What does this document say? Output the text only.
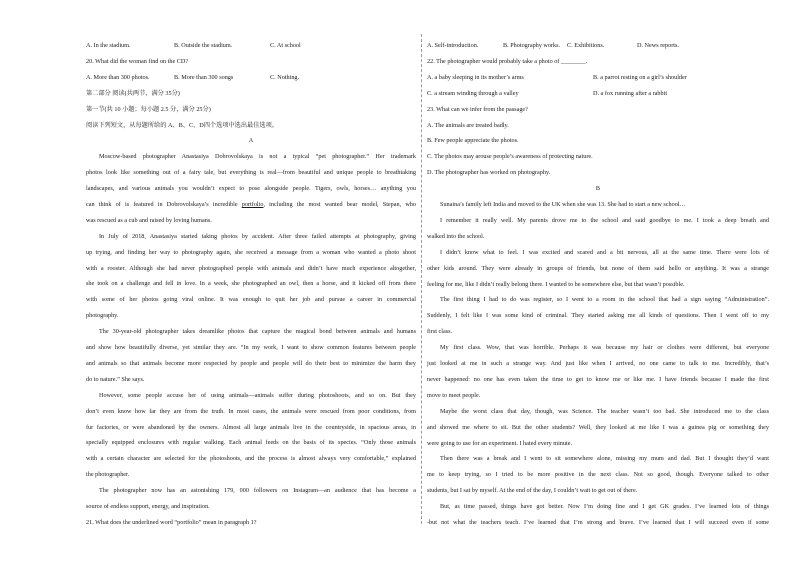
A. In the stadium.	B. Outside the stadium.	C. At school
20. What did the woman find on the CD?
A. More than 300 photos.	B. More than 300 songs	C. Nothing.
第二部分 阅读(共两节，满分 35分)
第一节(共 10 小题；每小题 2.5 分，满分 25分)
阅读下列短文，从每题所给的 A、B、C、D四个选项中选出最佳选项。
A
Moscow-based photographer Anastasiya Dobrovolskaya is not a typical “pet photographer.” Her trademark
photos look like something out of a fairy tale, but everything is real—from beautiful and unique people to breathtaking
landscapes, and various animals you wouldn’t expect to pose alongside people. Tigers, owls, horses… anything you
can think of is featured in Dobrovolskaya’s incredible portfolio, including the most wanted bear model, Stepan, who
was rescued as a cub and raised by loving humans.
In July of 2018, Anastasiya started taking photos by accident. After three failed attempts at photography, giving
up trying, and finding her way to photography again, she received a message from a woman who wanted a photo shoot
with a rooster. Although she had never photographed people with animals and didn’t have much experience altogether,
she took on a challenge and fell in love. In a week, she photographed an owl, then a horse, and it kicked off from there
with some of her photos going viral online. It was enough to quit her job and pursue a career in commercial
photography.
The 30-year-old photographer takes dreamlike photos that capture the magical bond between animals and humans
and show how beautifully diverse, yet similar they are. “In my work, I want to show common features between people
and animals so that animals become more respected by people and people will do their best to minimize the harm they
do to nature.” She says.
However, some people accuse her of using animals—animals suffer during photoshoots, and so on. But they
don’t even know how far they are from the truth. In most cases, the animals were rescued from poor conditions, from
fur factories, or were abandoned by the owners. Almost all large animals live in the countryside, in spacious areas, in
specially equipped enclosures with regular walking. Each animal feeds on the basis of its species. “Only those animals
with a certain character are selected for the photoshoots, and the process is almost always very comfortable,” explained
the photographer.
The photographer now has an astonishing 179, 000 followers on Instagram—an audience that has become a
source of endless support, energy, and inspiration.
21. What does the underlined word “portfolio” mean in paragraph 1?
A. Self-introduction.	B. Photography works.	C. Exhibitions.	D. News reports.
22. The photographer would probably take a photo of ________.
A. a baby sleeping in its mother’s arms	B. a parrot resting on a girl’s shoulder
C. a stream winding through a valley	D. a fox running after a rabbit
23. What can we infer from the passage?
A. The animals are treated badly.
B. Few people appreciate the photos.
C. The photos may arouse people’s awareness of protecting nature.
D. The photographer has worked on photography.
B
Sunaina’s family left India and moved to the UK when she was 13. She had to start a new school…
I remember it really well. My parents drove me to the school and said goodbye to me. I took a deep breath and
walked into the school.
I didn’t know what to feel. I was excited and scared and a bit nervous, all at the same time. There were lots of
other kids around. They were already in groups of friends, but none of them said hello or anything. It was a strange
feeling for me, like I didn’t really belong there. I wanted to be somewhere else, but that wasn’t possible.
The first thing I had to do was register, so I went to a room in the school that had a sign saying “Administration”.
Suddenly, I felt like I was some kind of criminal. They started asking me all kinds of questions. Then I went off to my
first class.
My first class. Wow, that was horrible. Perhaps it was because my hair or clothes were different, but everyone
just looked at me in such a strange way. And just like when I arrived, no one came to talk to me. Incredibly, that’s
never happened: no one has even taken the time to get to know me or like me. I have friends because I made the first
move to meet people.
Maybe the worst class that day, though, was Science. The teacher wasn’t too bad. She introduced me to the class
and showed me where to sit. But the other students? Well, they looked at me like I was a guinea pig or something they
were going to use for an experiment. I hated every minute.
Then there was a break and I went to sit somewhere alone, missing my mum and dad. But I thought they’d want
me to keep trying, so I tried to be more positive in the next class. Not so good, though. Everyone talked to other
students, but I sat by myself. At the end of the day, I couldn’t wait to get out of there.
But, as time passed, things have got better. Now I’m doing fine and I get GK grades. I’ve learned lots of things
-but not what the teachers teach. I’ve learned that I’m strong and brave. I’ve learned that I will succeed even if some
